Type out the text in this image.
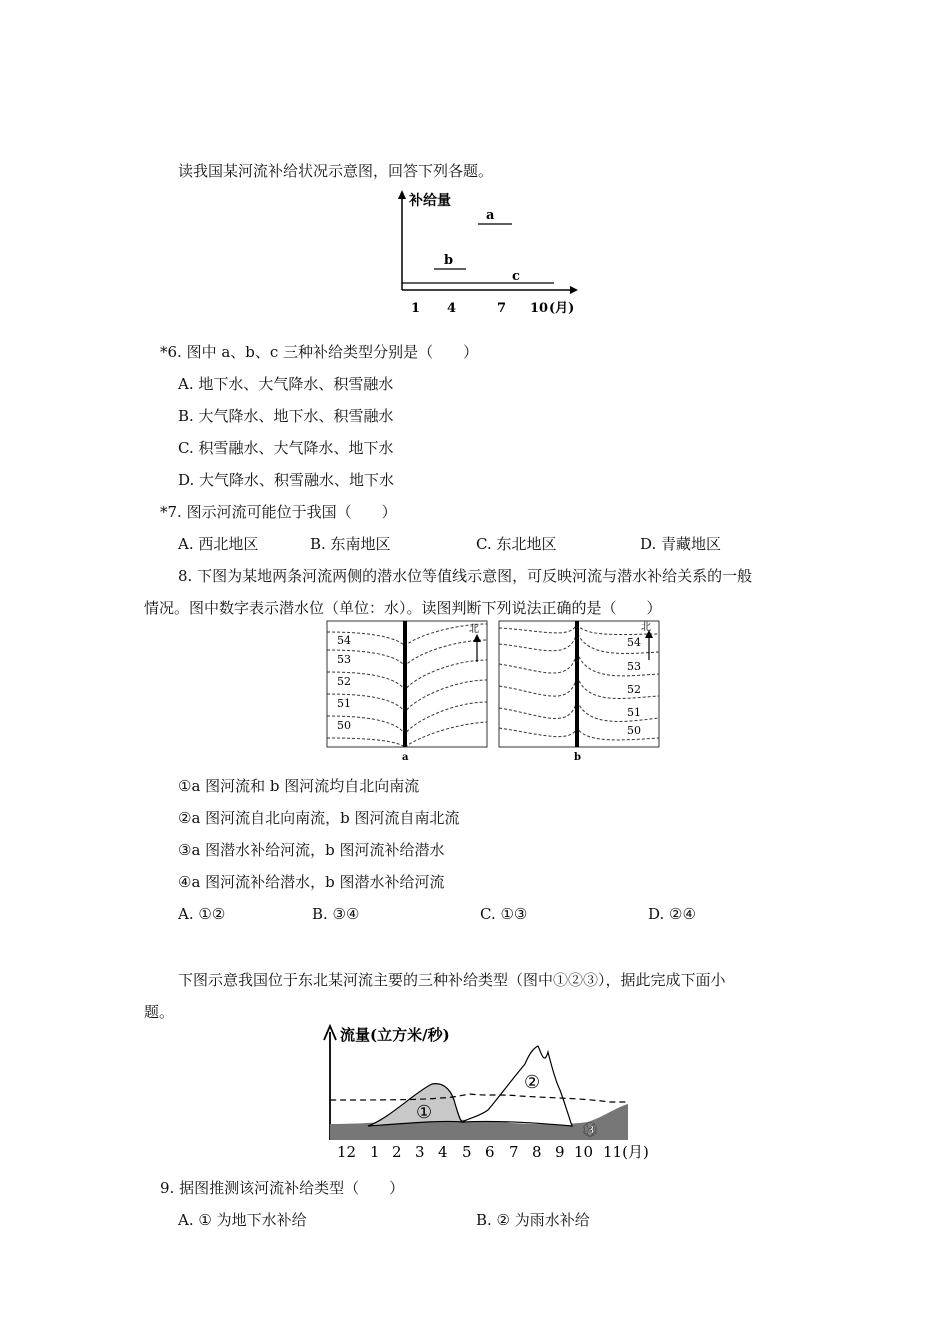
读我国某河流补给状况示意图，回答下列各题。
补给量
a
b
c
1 4	7 10 (月)
*6. 图中 a、b、c 三种补给类型分别是（　　）
A. 地下水、大气降水、积雪融水
B. 大气降水、地下水、积雪融水
C. 积雪融水、大气降水、地下水
D. 大气降水、积雪融水、地下水
*7. 图示河流可能位于我国（　　）
A. 西北地区	B. 东南地区	C. 东北地区	D. 青藏地区
8. 下图为某地两条河流两侧的潜水位等值线示意图，可反映河流与潜水补给关系的一般
情况。图中数字表示潜水位（单位：水）。读图判断下列说法正确的是（　　）
54
53
52
51
50
北
a
54
53
52
51
50
北
b
①a 图河流和 b 图河流均自北向南流
②a 图河流自北向南流，b 图河流自南北流
③a 图潜水补给河流，b 图河流补给潜水
④a 图河流补给潜水，b 图潜水补给河流
A. ①②	B. ③④	C. ①③	D. ②④
下图示意我国位于东北某河流主要的三种补给类型（图中①②③），据此完成下面小
题。
流量(立方米/秒)
①
②
③
12 1 2 3 4 5 6 7 8 9 10 11(月)
9. 据图推测该河流补给类型（　　）
A. ① 为地下水补给	B. ② 为雨水补给
